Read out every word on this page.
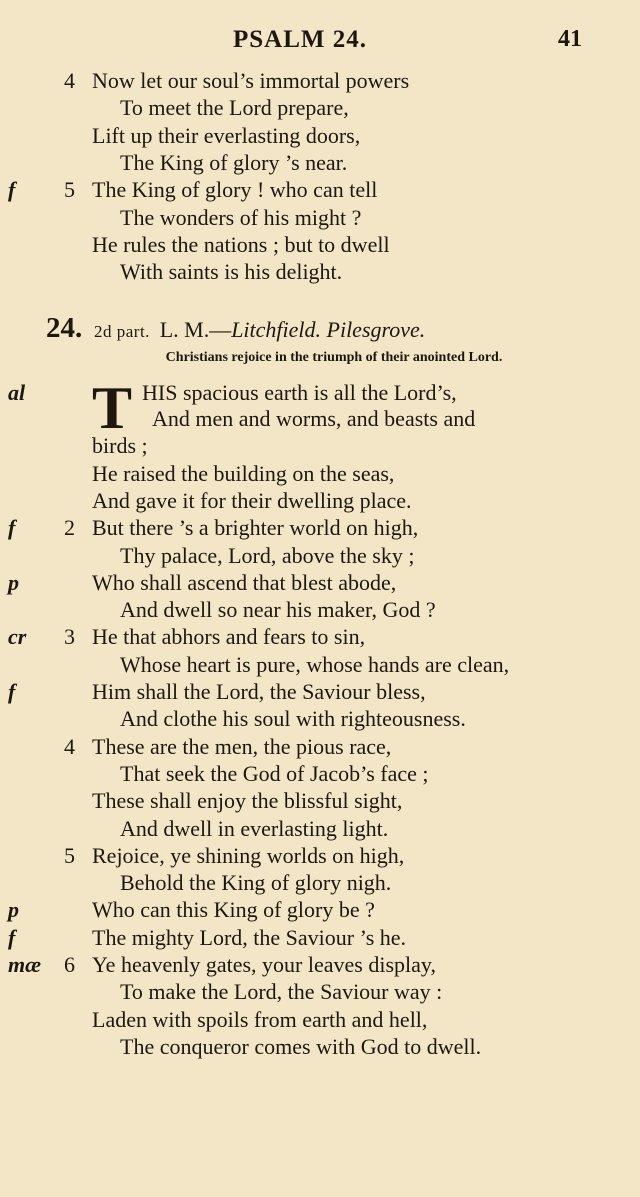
PSALM 24.	41
4 Now let our soul’s immortal powers
To meet the Lord prepare,
Lift up their everlasting doors,
The King of glory ’s near.
f 5 The King of glory ! who can tell
The wonders of his might ?
He rules the nations ; but to dwell
With saints is his delight.
24. 2d part. L. M.—Litchfield. Pilesgrove.
Christians rejoice in the triumph of their anointed Lord.
al	HIS spacious earth is all the Lord’s,
T And men and worms, and beasts and
birds ;
He raised the building on the seas,
And gave it for their dwelling place.
f 2 But there ’s a brighter world on high,
Thy palace, Lord, above the sky ;
p	Who shall ascend that blest abode,
And dwell so near his maker, God ?
cr 3 He that abhors and fears to sin,
Whose heart is pure, whose hands are clean,
f	Him shall the Lord, the Saviour bless,
And clothe his soul with righteousness.
4 These are the men, the pious race,
That seek the God of Jacob’s face ;
These shall enjoy the blissful sight,
And dwell in everlasting light.
5 Rejoice, ye shining worlds on high,
Behold the King of glory nigh.
p	Who can this King of glory be ?
f	The mighty Lord, the Saviour ’s he.
mæ 6 Ye heavenly gates, your leaves display,
To make the Lord, the Saviour way :
Laden with spoils from earth and hell,
The conqueror comes with God to dwell.
